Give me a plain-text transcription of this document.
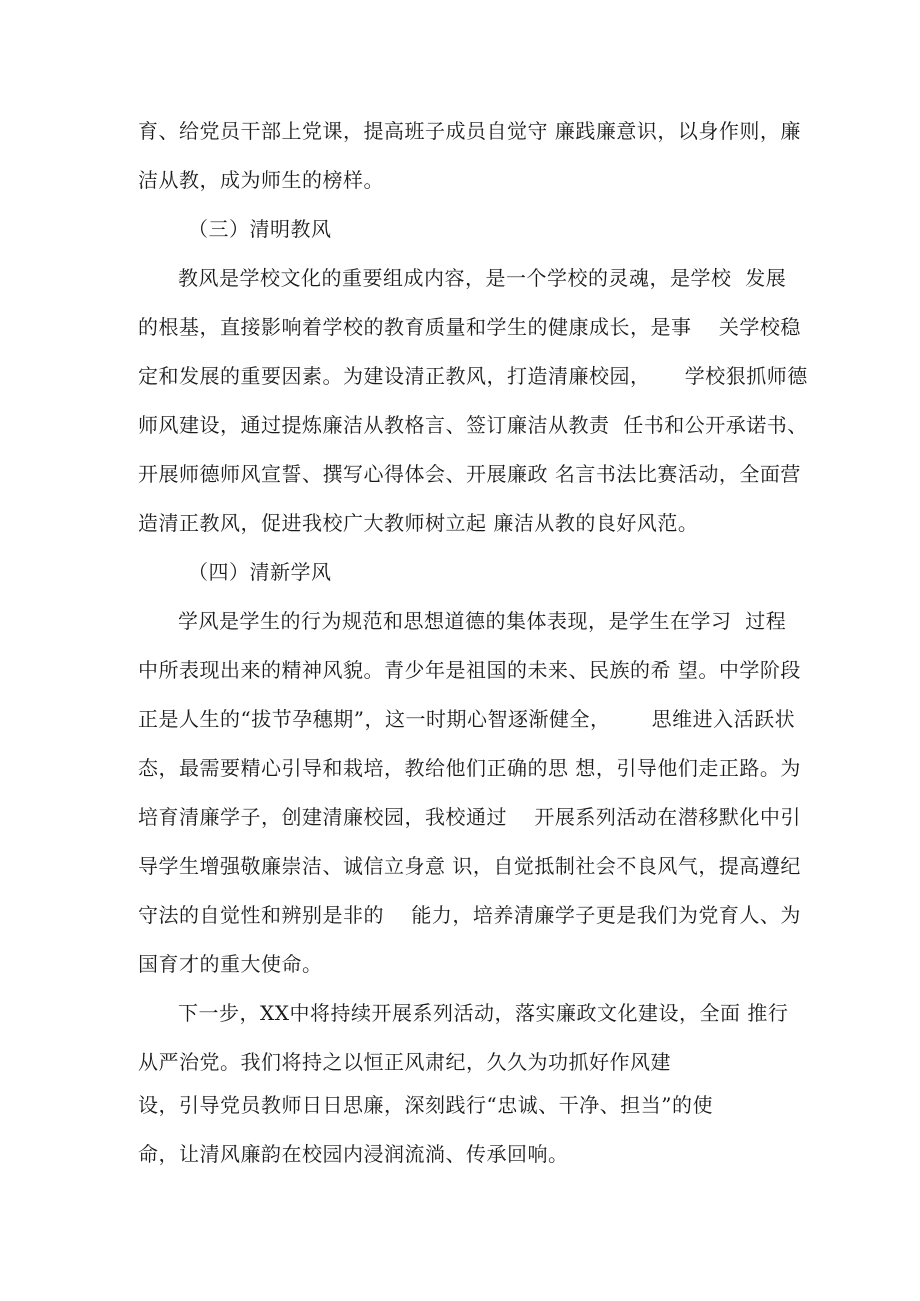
育、给党员干部上党课，提高班子成员自觉守 廉践廉意识，以身作则，廉
洁从教，成为师生的榜样。
（三）清明教风
教风是学校文化的重要组成内容，是一个学校的灵魂，是学校  发展
的根基，直接影响着学校的教育质量和学生的健康成长，是事    关学校稳
定和发展的重要因素。为建设清正教风，打造清廉校园，     学校狠抓师德
师风建设，通过提炼廉洁从教格言、签订廉洁从教责  任书和公开承诺书、
开展师德师风宣誓、撰写心得体会、开展廉政 名言书法比赛活动，全面营
造清正教风，促进我校广大教师树立起 廉洁从教的良好风范。
（四）清新学风
学风是学生的行为规范和思想道德的集体表现，是学生在学习  过程
中所表现出来的精神风貌。青少年是祖国的未来、民族的希 望。中学阶段
正是人生的“拔节孕穗期”，这一时期心智逐渐健全，      思维进入活跃状
态，最需要精心引导和栽培，教给他们正确的思 想，引导他们走正路。为
培育清廉学子，创建清廉校园，我校通过    开展系列活动在潜移默化中引
导学生增强敬廉崇洁、诚信立身意 识，自觉抵制社会不良风气，提高遵纪
守法的自觉性和辨别是非的    能力，培养清廉学子更是我们为党育人、为
国育才的重大使命。
下一步，XX中将持续开展系列活动，落实廉政文化建设，全面 推行
从严治党。我们将持之以恒正风肃纪，久久为功抓好作风建
设，引导党员教师日日思廉，深刻践行“忠诚、干净、担当”的使
命，让清风廉韵在校园内浸润流淌、传承回响。
